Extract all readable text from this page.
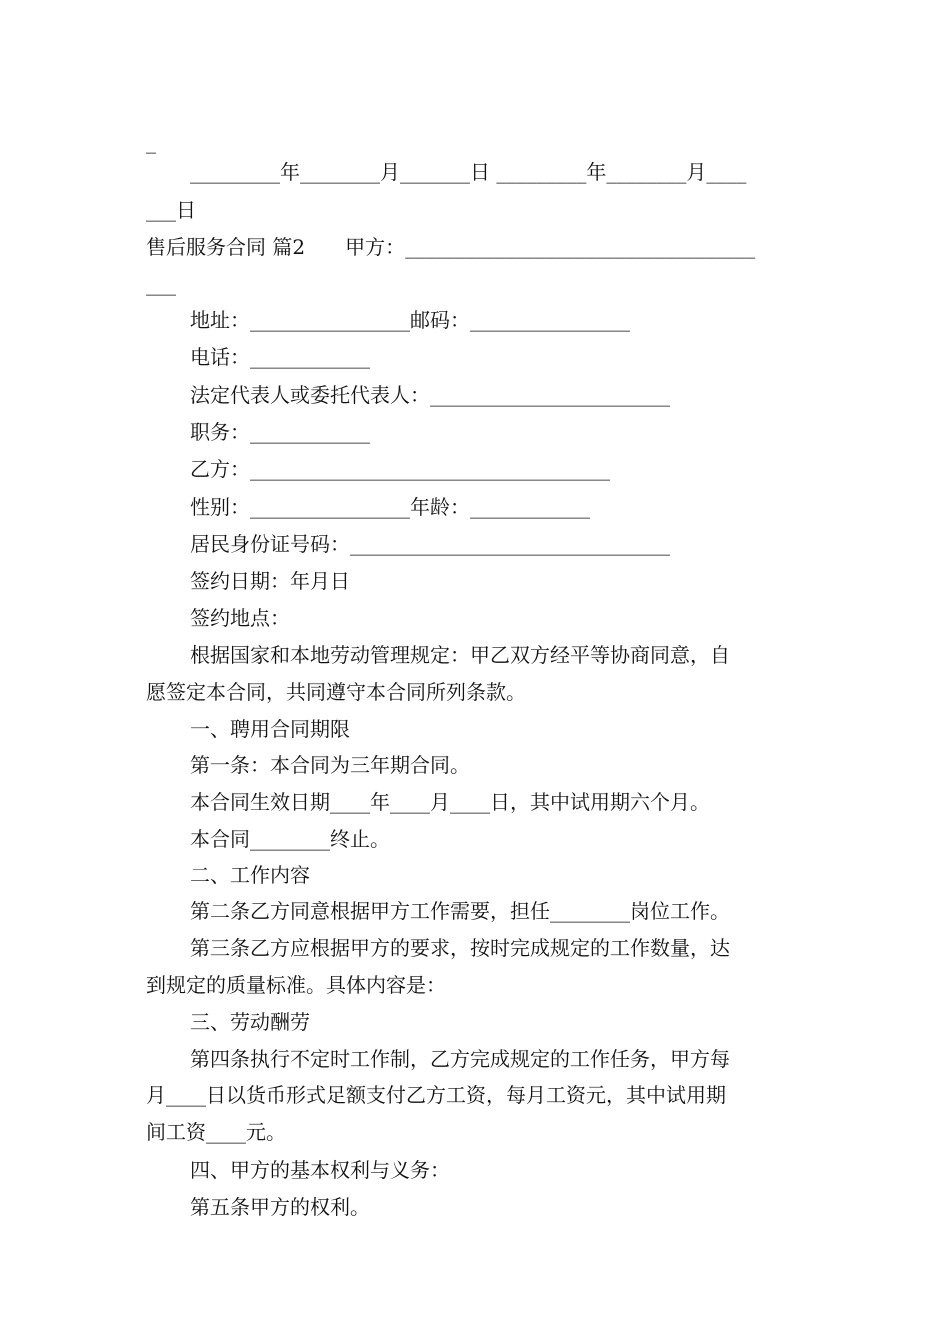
_
_________年________月_______日 _________年________月____
___日
售后服务合同 篇2　　甲方：___________________________________
___
地址：________________邮码：________________
电话：____________
法定代表人或委托代表人：________________________
职务：____________
乙方：____________________________________
性别：________________年龄：____________
居民身份证号码：________________________________
签约日期：年月日
签约地点：
根据国家和本地劳动管理规定：甲乙双方经平等协商同意，自
愿签定本合同，共同遵守本合同所列条款。
一、聘用合同期限
第一条：本合同为三年期合同。
本合同生效日期____年____月____日，其中试用期六个月。
本合同________终止。
二、工作内容
第二条乙方同意根据甲方工作需要，担任________岗位工作。
第三条乙方应根据甲方的要求，按时完成规定的工作数量，达
到规定的质量标准。具体内容是：
三、劳动酬劳
第四条执行不定时工作制，乙方完成规定的工作任务，甲方每
月____日以货币形式足额支付乙方工资，每月工资元，其中试用期
间工资____元。
四、甲方的基本权利与义务：
第五条甲方的权利。
